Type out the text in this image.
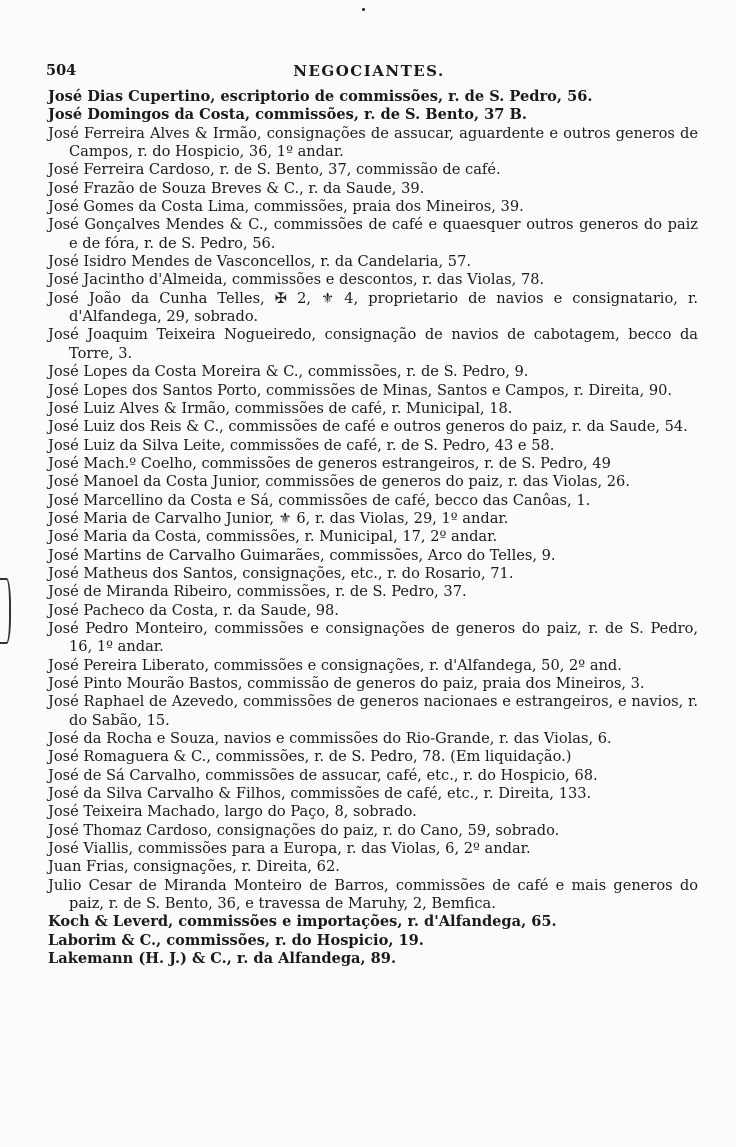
504	NEGOCIANTES.
José Dias Cupertino, escriptorio de commissões, r. de S. Pedro, 56.
José Domingos da Costa, commissões, r. de S. Bento, 37 B.
José Ferreira Alves & Irmão, consignações de assucar, aguardente e outros generos de Campos, r. do Hospicio, 36, 1º andar.
José Ferreira Cardoso, r. de S. Bento, 37, commissão de café.
José Frazão de Souza Breves & C., r. da Saude, 39.
José Gomes da Costa Lima, commissões, praia dos Mineiros, 39.
José Gonçalves Mendes & C., commissões de café e quaesquer outros generos do paiz e de fóra, r. de S. Pedro, 56.
José Isidro Mendes de Vasconcellos, r. da Candelaria, 57.
José Jacintho d'Almeida, commissões e descontos, r. das Violas, 78.
José João da Cunha Telles, ✠ 2, ⚜ 4, proprietario de navios e consignatario, r. d'Alfandega, 29, sobrado.
José Joaquim Teixeira Nogueiredo, consignação de navios de cabotagem, becco da Torre, 3.
José Lopes da Costa Moreira & C., commissões, r. de S. Pedro, 9.
José Lopes dos Santos Porto, commissões de Minas, Santos e Campos, r. Direita, 90.
José Luiz Alves & Irmão, commissões de café, r. Municipal, 18.
José Luiz dos Reis & C., commissões de café e outros generos do paiz, r. da Saude, 54.
José Luiz da Silva Leite, commissões de café, r. de S. Pedro, 43 e 58.
José Mach.º Coelho, commissões de generos estrangeiros, r. de S. Pedro, 49
José Manoel da Costa Junior, commissões de generos do paiz, r. das Violas, 26.
José Marcellino da Costa e Sá, commissões de café, becco das Canôas, 1.
José Maria de Carvalho Junior, ⚜ 6, r. das Violas, 29, 1º andar.
José Maria da Costa, commissões, r. Municipal, 17, 2º andar.
José Martins de Carvalho Guimarães, commissões, Arco do Telles, 9.
José Matheus dos Santos, consignações, etc., r. do Rosario, 71.
José de Miranda Ribeiro, commissões, r. de S. Pedro, 37.
José Pacheco da Costa, r. da Saude, 98.
José Pedro Monteiro, commissões e consignações de generos do paiz, r. de S. Pedro, 16, 1º andar.
José Pereira Liberato, commissões e consignações, r. d'Alfandega, 50, 2º and.
José Pinto Mourão Bastos, commissão de generos do paiz, praia dos Mineiros, 3.
José Raphael de Azevedo, commissões de generos nacionaes e estrangeiros, e navios, r. do Sabão, 15.
José da Rocha e Souza, navios e commissões do Rio-Grande, r. das Violas, 6.
José Romaguera & C., commissões, r. de S. Pedro, 78. (Em liquidação.)
José de Sá Carvalho, commissões de assucar, café, etc., r. do Hospicio, 68.
José da Silva Carvalho & Filhos, commissões de café, etc., r. Direita, 133.
José Teixeira Machado, largo do Paço, 8, sobrado.
José Thomaz Cardoso, consignações do paiz, r. do Cano, 59, sobrado.
José Viallis, commissões para a Europa, r. das Violas, 6, 2º andar.
Juan Frias, consignações, r. Direita, 62.
Julio Cesar de Miranda Monteiro de Barros, commissões de café e mais generos do paiz, r. de S. Bento, 36, e travessa de Maruhy, 2, Bemfica.
Koch & Leverd, commissões e importações, r. d'Alfandega, 65.
Laborim & C., commissões, r. do Hospicio, 19.
Lakemann (H. J.) & C., r. da Alfandega, 89.
